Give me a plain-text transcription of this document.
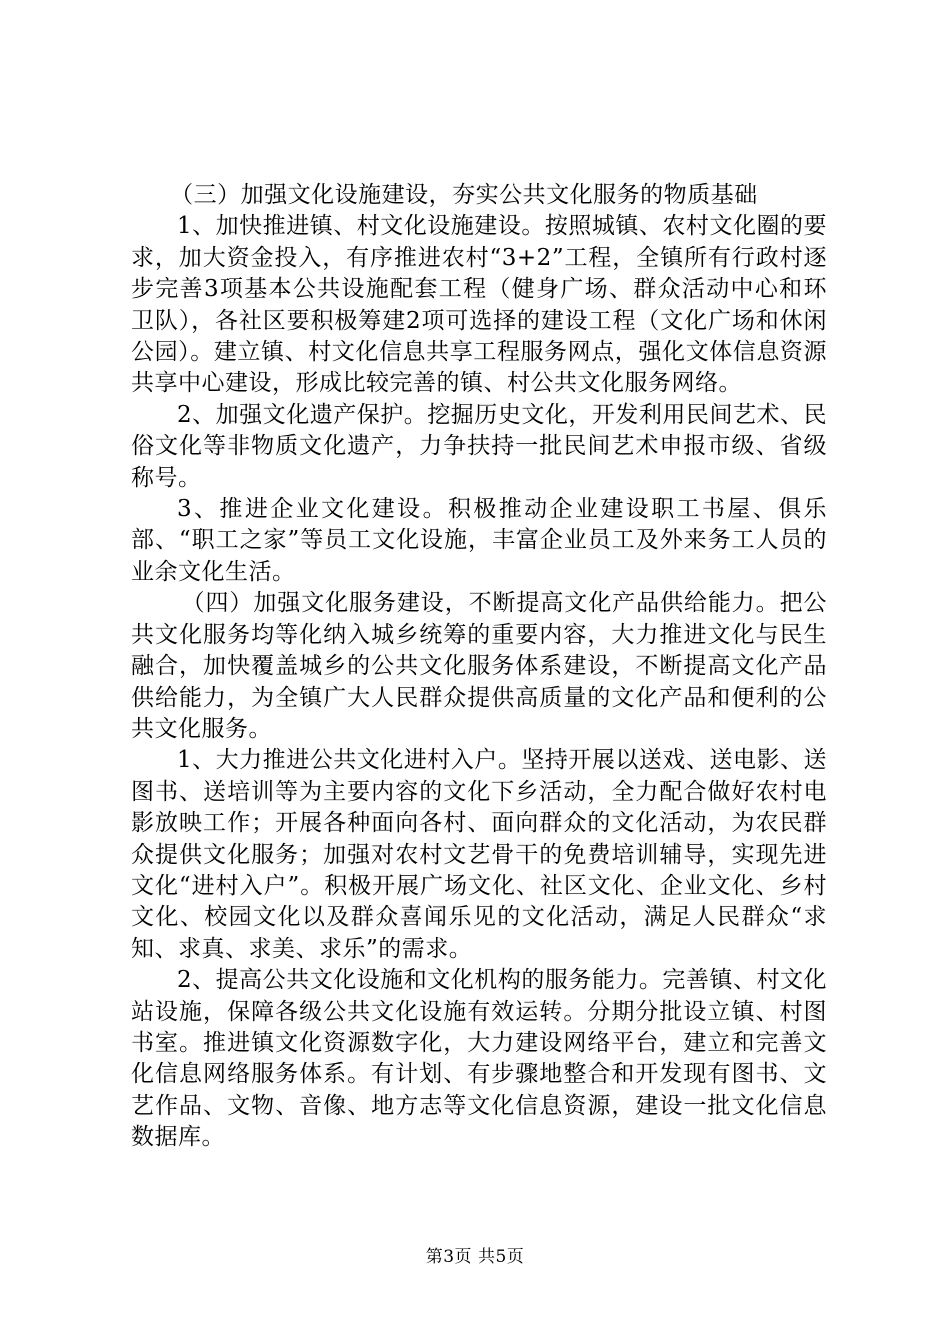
（三）加强文化设施建设，夯实公共文化服务的物质基础

1、加快推进镇、村文化设施建设。按照城镇、农村文化圈的要求，加大资金投入，有序推进农村“3+2”工程，全镇所有行政村逐步完善3项基本公共设施配套工程（健身广场、群众活动中心和环卫队），各社区要积极筹建2项可选择的建设工程（文化广场和休闲公园）。建立镇、村文化信息共享工程服务网点，强化文体信息资源共享中心建设，形成比较完善的镇、村公共文化服务网络。

2、加强文化遗产保护。挖掘历史文化，开发利用民间艺术、民俗文化等非物质文化遗产，力争扶持一批民间艺术申报市级、省级称号。

3、推进企业文化建设。积极推动企业建设职工书屋、俱乐部、“职工之家”等员工文化设施，丰富企业员工及外来务工人员的业余文化生活。

（四）加强文化服务建设，不断提高文化产品供给能力。把公共文化服务均等化纳入城乡统筹的重要内容，大力推进文化与民生融合，加快覆盖城乡的公共文化服务体系建设，不断提高文化产品供给能力，为全镇广大人民群众提供高质量的文化产品和便利的公共文化服务。

1、大力推进公共文化进村入户。坚持开展以送戏、送电影、送图书、送培训等为主要内容的文化下乡活动，全力配合做好农村电影放映工作；开展各种面向各村、面向群众的文化活动，为农民群众提供文化服务；加强对农村文艺骨干的免费培训辅导，实现先进文化“进村入户”。积极开展广场文化、社区文化、企业文化、乡村文化、校园文化以及群众喜闻乐见的文化活动，满足人民群众“求知、求真、求美、求乐”的需求。

2、提高公共文化设施和文化机构的服务能力。完善镇、村文化站设施，保障各级公共文化设施有效运转。分期分批设立镇、村图书室。推进镇文化资源数字化，大力建设网络平台，建立和完善文化信息网络服务体系。有计划、有步骤地整合和开发现有图书、文艺作品、文物、音像、地方志等文化信息资源，建设一批文化信息数据库。

第3页 共5页
